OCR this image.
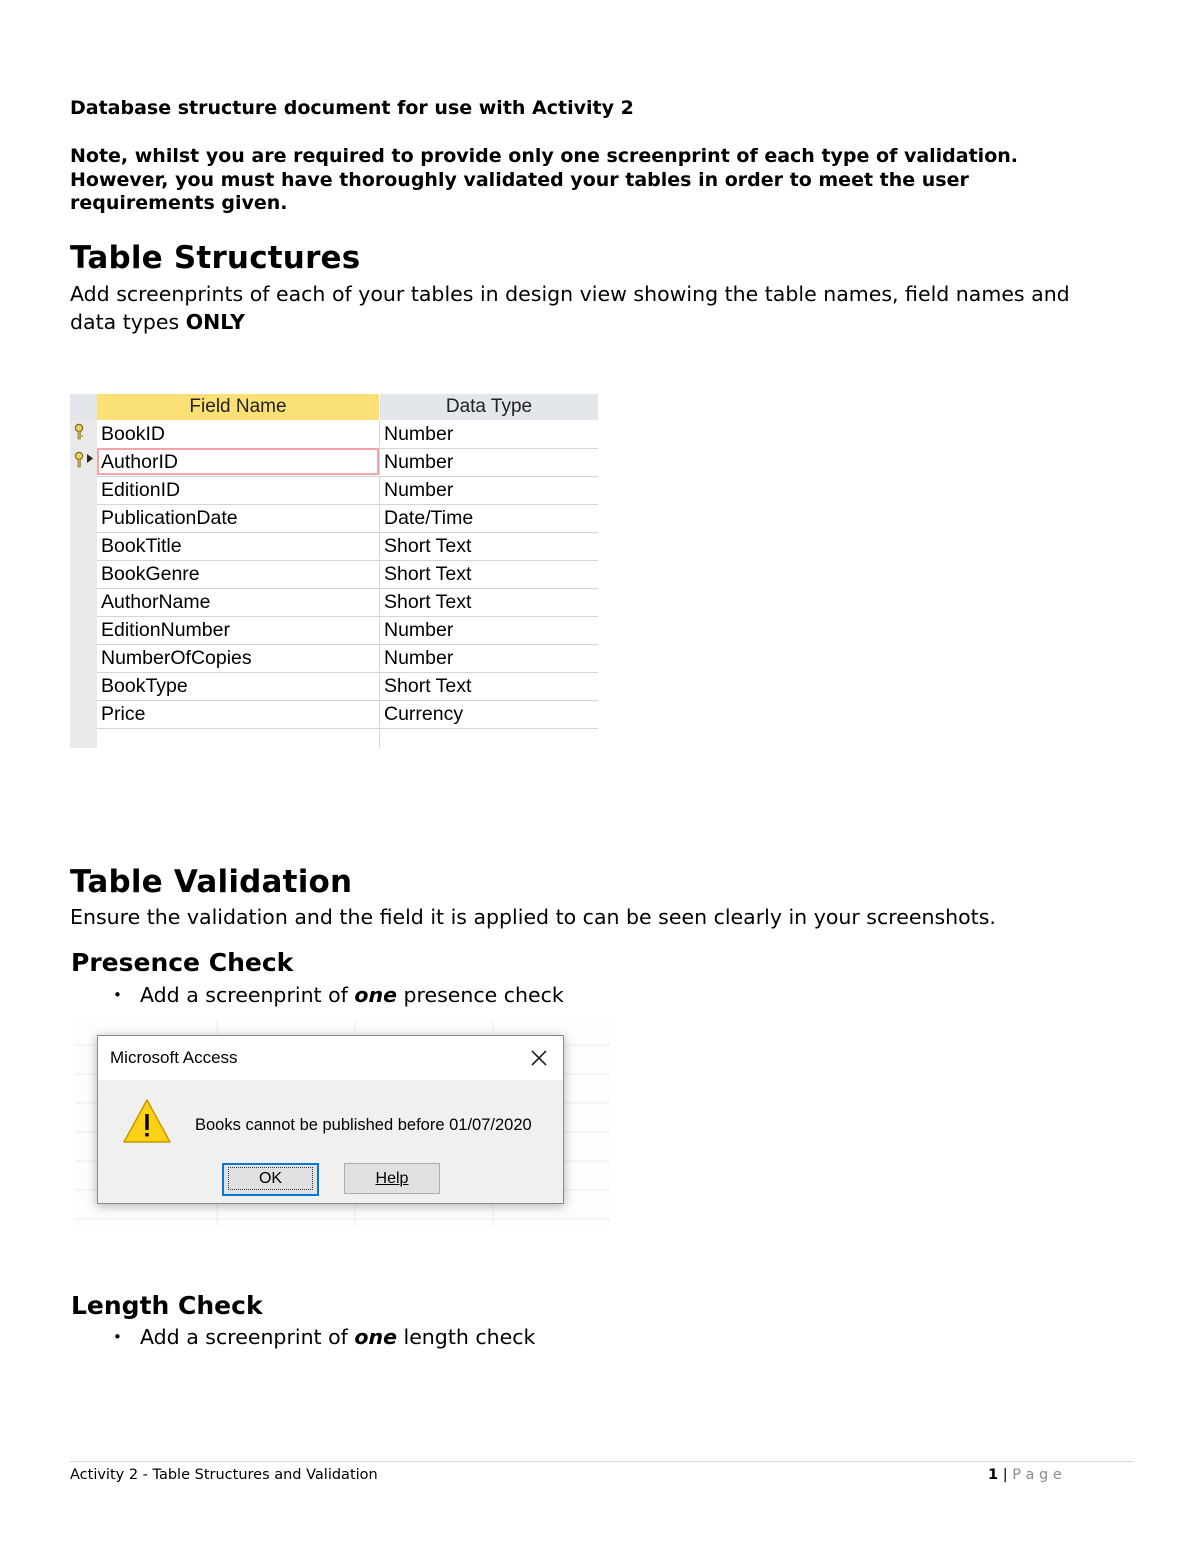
Database structure document for use with Activity 2
Note, whilst you are required to provide only one screenprint of each type of validation.
However, you must have thoroughly validated your tables in order to meet the user
requirements given.
Table Structures
Add screenprints of each of your tables in design view showing the table names, field names and
data types ONLY
Field Name	Data Type
BookID	Number
AuthorID	Number
EditionID	Number
PublicationDate	Date/Time
BookTitle	Short Text
BookGenre	Short Text
AuthorName	Short Text
EditionNumber	Number
NumberOfCopies	Number
BookType	Short Text
Price	Currency
Table Validation
Ensure the validation and the field it is applied to can be seen clearly in your screenshots.
Presence Check
• Add a screenprint of one presence check
Microsoft Access
Books cannot be published before 01/07/2020
OK	Help
Length Check
• Add a screenprint of one length check
Activity 2 - Table Structures and Validation	1 | P a g e
